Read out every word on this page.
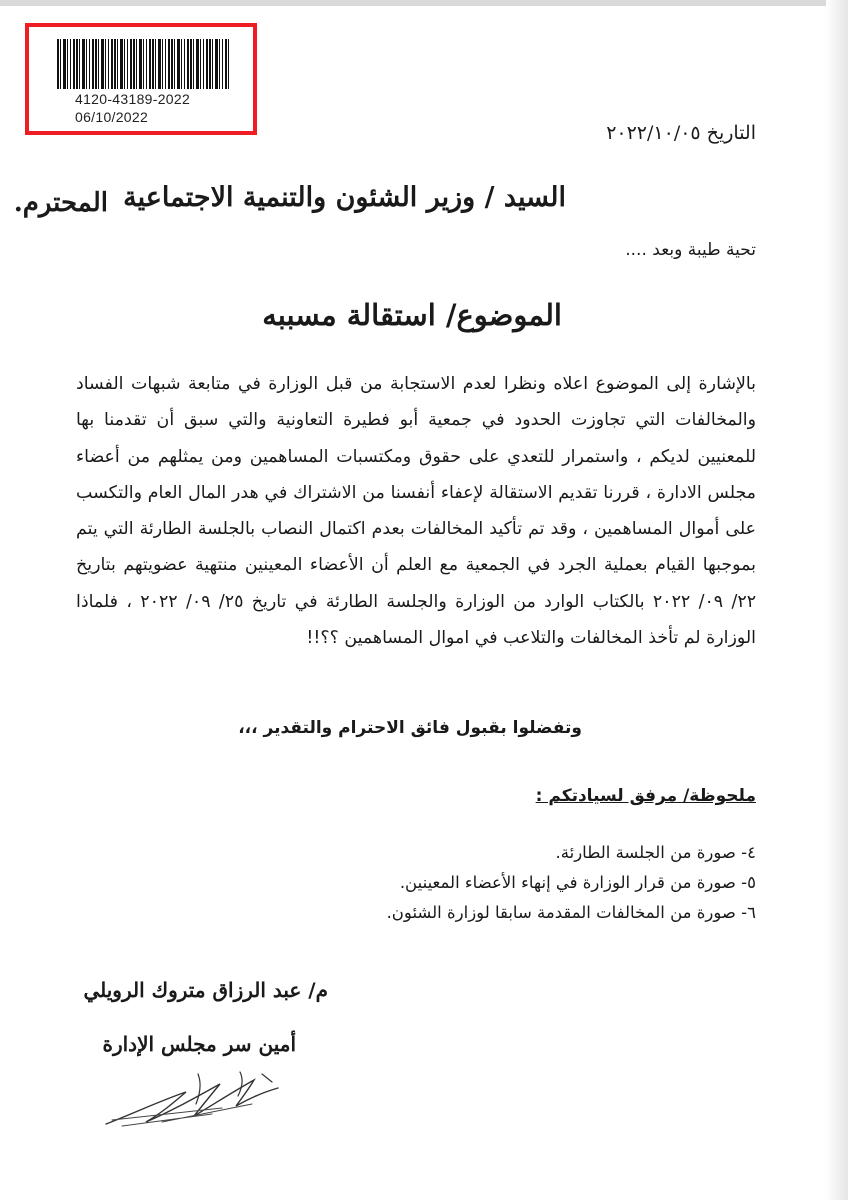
4120-43189-2022
06/10/2022
التاريخ ٢٠٢٢/١٠/٠٥
السيد / وزير الشئون والتنمية الاجتماعية
المحترم.
تحية طيبة وبعد ....
الموضوع/ استقالة مسببه
بالإشارة إلى الموضوع اعلاه ونظرا لعدم الاستجابة من قبل الوزارة في متابعة شبهات الفساد والمخالفات التي تجاوزت الحدود في جمعية أبو فطيرة التعاونية والتي سبق أن تقدمنا بها للمعنيين لديكم ، واستمرار للتعدي على حقوق ومكتسبات المساهمين ومن يمثلهم من أعضاء مجلس الادارة ، قررنا تقديم الاستقالة لإعفاء أنفسنا من الاشتراك في هدر المال العام والتكسب على أموال المساهمين ، وقد تم تأكيد المخالفات بعدم اكتمال النصاب بالجلسة الطارئة التي يتم بموجبها القيام بعملية الجرد في الجمعية مع العلم أن الأعضاء المعينين منتهية عضويتهم بتاريخ ٢٢/ ٠٩/ ٢٠٢٢ بالكتاب الوارد من الوزارة والجلسة الطارئة في تاريخ ٢٥/ ٠٩/ ٢٠٢٢ ، فلماذا الوزارة لم تأخذ المخالفات والتلاعب في اموال المساهمين ؟؟!!
وتفضلوا بقبول فائق الاحترام والتقدير ،،،
ملحوظة/ مرفق لسيادتكم :
٤- صورة من الجلسة الطارئة.
٥- صورة من قرار الوزارة في إنهاء الأعضاء المعينين.
٦- صورة من المخالفات المقدمة سابقا لوزارة الشئون.
م/ عبد الرزاق متروك الرويلي
أمين سر مجلس الإدارة
